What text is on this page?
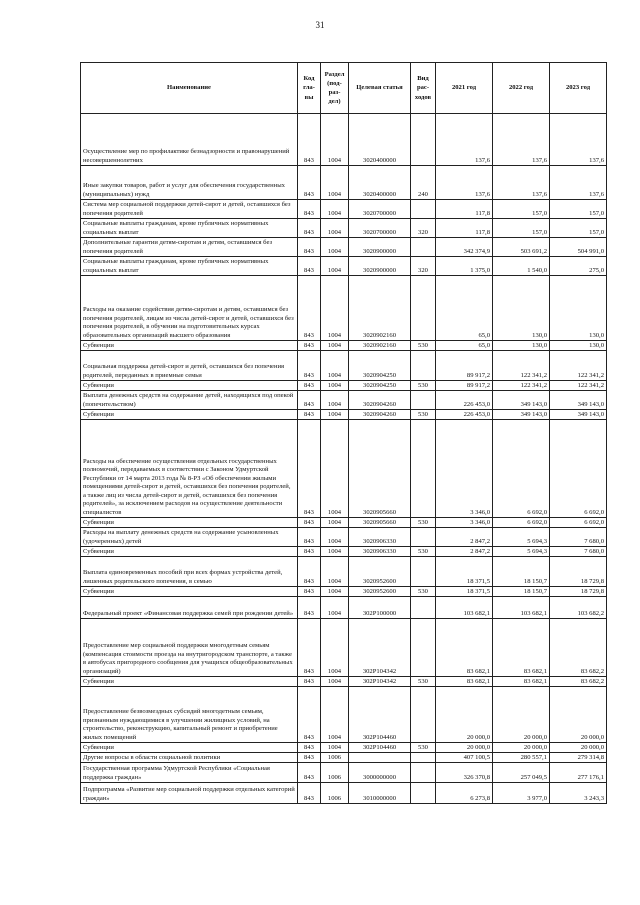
31
Наименование	Код гла-вы	Раздел (под-раз-дел)	Целевая статья	Вид рас-ходов	2021 год	2022 год	2023 год
Осуществление мер по профилактике безнадзорности и правонарушений несовершеннолетних	843	1004	3020400000		137,6	137,6	137,6
Иные закупки товаров, работ и услуг для обеспечения государственных (муниципальных) нужд	843	1004	3020400000	240	137,6	137,6	137,6
Система мер социальной поддержки детей-сирот и детей, оставшихся без попечения родителей	843	1004	3020700000		117,8	157,0	157,0
Социальные выплаты гражданам, кроме публичных нормативных социальных выплат	843	1004	3020700000	320	117,8	157,0	157,0
Дополнительные гарантии детям-сиротам и детям, оставшимся без попечения родителей	843	1004	3020900000		342 374,9	503 691,2	504 991,0
Социальные выплаты гражданам, кроме публичных нормативных социальных выплат	843	1004	3020900000	320	1 375,0	1 540,0	275,0
Расходы на оказание содействия детям-сиротам и детям, оставшимся без попечения родителей, лицам из числа детей-сирот и детей, оставшихся без попечения родителей, в обучении на подготовительных курсах образовательных организаций высшего образования	843	1004	3020902160		65,0	130,0	130,0
Субвенции	843	1004	3020902160	530	65,0	130,0	130,0
Социальная поддержка детей-сирот и детей, оставшихся без попечения родителей, переданных в приемные семьи	843	1004	3020904250		89 917,2	122 341,2	122 341,2
Субвенции	843	1004	3020904250	530	89 917,2	122 341,2	122 341,2
Выплата денежных средств на содержание детей, находящихся под опекой (попечительством)	843	1004	3020904260		226 453,0	349 143,0	349 143,0
Субвенции	843	1004	3020904260	530	226 453,0	349 143,0	349 143,0
Расходы на обеспечение осуществления отдельных государственных полномочий, передаваемых в соответствии с Законом Удмуртской Республики от 14 марта 2013 года № 8-РЗ «Об обеспечении жилыми помещениями детей-сирот и детей, оставшихся без попечения родителей, а также лиц из числа детей-сирот и детей, оставшихся без попечения родителей», за исключением расходов на осуществление деятельности специалистов	843	1004	3020905660		3 346,0	6 692,0	6 692,0
Субвенции	843	1004	3020905660	530	3 346,0	6 692,0	6 692,0
Расходы на выплату денежных средств на содержание усыновленных (удочеренных) детей	843	1004	3020906330		2 847,2	5 694,3	7 680,0
Субвенции	843	1004	3020906330	530	2 847,2	5 694,3	7 680,0
Выплата единовременных пособий при всех формах устройства детей, лишенных родительского попечения, в семью	843	1004	3020952600		18 371,5	18 150,7	18 729,8
Субвенции	843	1004	3020952600	530	18 371,5	18 150,7	18 729,8
Федеральный проект «Финансовая поддержка семей при рождении детей»	843	1004	302P100000		103 682,1	103 682,1	103 682,2
Предоставление мер социальной поддержки многодетным семьям (компенсация стоимости проезда на внутригородском транспорте, а также в автобусах пригородного сообщения для учащихся общеобразовательных организаций)	843	1004	302P104342		83 682,1	83 682,1	83 682,2
Субвенции	843	1004	302P104342	530	83 682,1	83 682,1	83 682,2
Предоставление безвозмездных субсидий многодетным семьям, признанным нуждающимися в улучшении жилищных условий, на строительство, реконструкцию, капитальный ремонт и приобретение жилых помещений	843	1004	302P104460		20 000,0	20 000,0	20 000,0
Субвенции	843	1004	302P104460	530	20 000,0	20 000,0	20 000,0
Другие вопросы в области социальной политики	843	1006			407 100,5	280 557,1	279 314,8
Государственная программа Удмуртской Республики «Социальная поддержка граждан»	843	1006	3000000000		326 370,8	257 049,5	277 176,1
Подпрограмма «Развитие мер социальной поддержки отдельных категорий граждан»	843	1006	3010000000		6 273,8	3 977,0	3 243,3
